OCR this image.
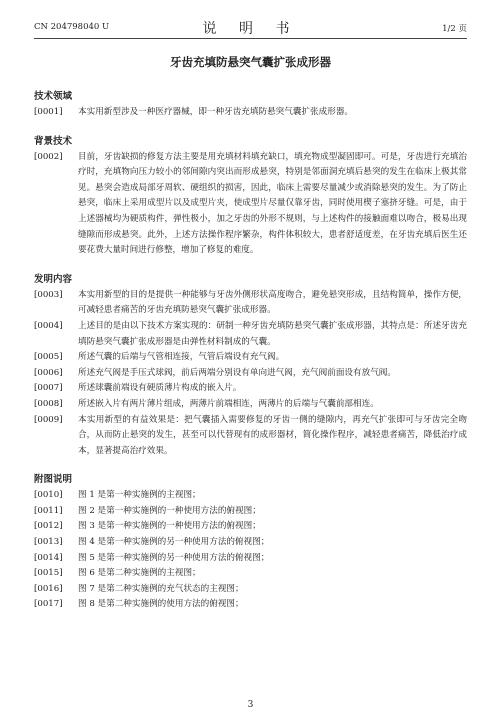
CN 204798040 U	说 明 书	1/2 页
牙齿充填防悬突气囊扩张成形器
技术领域
[0001]	本实用新型涉及一种医疗器械，即一种牙齿充填防悬突气囊扩张成形器。
背景技术
[0002]	目前，牙齿缺损的修复方法主要是用充填材料填充缺口，填充物成型凝固即可。可是，牙齿进行充填治疗时，充填物向压力较小的邻间隙内突出而形成悬突，特别是邻面洞充填后悬突的发生在临床上极其常见。悬突会造成局部牙周软、硬组织的损害，因此，临床上需要尽量减少或消除悬突的发生。为了防止悬突，临床上采用成型片以及成型片夹，使成型片尽量仅靠牙齿，同时使用楔子塞挤牙缝。可是，由于上述器械均为硬质构件，弹性极小，加之牙齿的外形不规则，与上述构件的接触面难以吻合，极易出现缝隙而形成悬突。此外，上述方法操作程序繁杂，构件体积较大，患者舒适度差，在牙齿充填后医生还要花费大量时间进行修整，增加了修复的难度。
发明内容
[0003]	本实用新型的目的是提供一种能够与牙齿外侧形状高度吻合，避免悬突形成，且结构简单，操作方便，可减轻患者痛苦的牙齿充填防悬突气囊扩张成形器。
[0004]	上述目的是由以下技术方案实现的：研制一种牙齿充填防悬突气囊扩张成形器，其特点是：所述牙齿充填防悬突气囊扩张成形器是由弹性材料制成的气囊。
[0005]	所述气囊的后端与气管相连接，气管后端设有充气阀。
[0006]	所述充气阀是手压式球阀，前后两端分别设有单向进气阀，充气阀前面设有放气阀。
[0007]	所述球囊前端设有硬质薄片构成的嵌入片。
[0008]	所述嵌入片有两片薄片组成，两薄片前端相连，两薄片的后端与气囊前部相连。
[0009]	本实用新型的有益效果是：把气囊插入需要修复的牙齿一侧的缝隙内，再充气扩张即可与牙齿完全吻合，从而防止悬突的发生，甚至可以代替现有的成形器材，简化操作程序，减轻患者痛苦，降低治疗成本，显著提高治疗效果。
附图说明
[0010]	图 1 是第一种实施例的主视图；
[0011]	图 2 是第一种实施例的一种使用方法的俯视图；
[0012]	图 3 是第一种实施例的一种使用方法的俯视图；
[0013]	图 4 是第一种实施例的另一种使用方法的俯视图；
[0014]	图 5 是第一种实施例的另一种使用方法的俯视图；
[0015]	图 6 是第二种实施例的主视图；
[0016]	图 7 是第二种实施例的充气状态的主视图；
[0017]	图 8 是第二种实施例的使用方法的俯视图；
3
